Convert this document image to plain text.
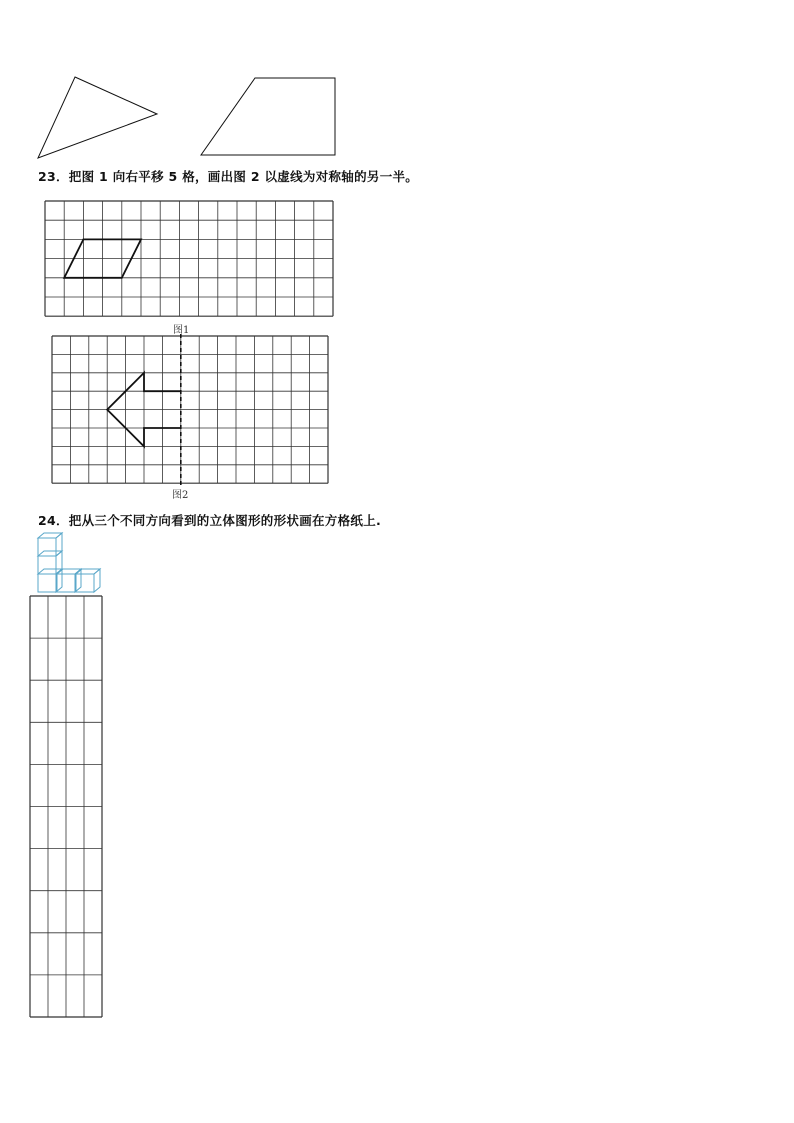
23．把图 1 向右平移 5 格，画出图 2 以虚线为对称轴的另一半。
图1
图2
24．把从三个不同方向看到的立体图形的形状画在方格纸上.
